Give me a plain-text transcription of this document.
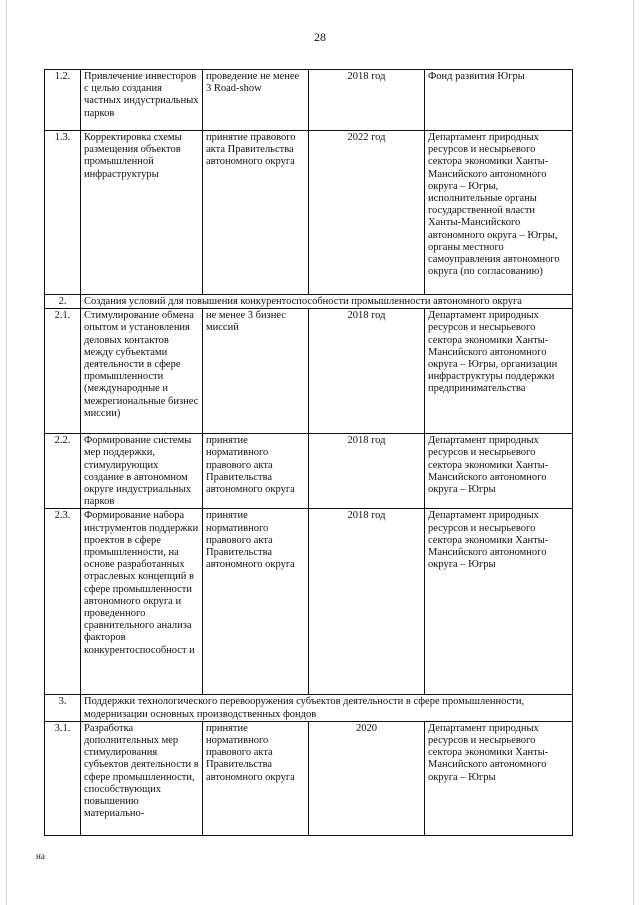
28
1.2.	Привлечение инвесторов с целью создания частных индустриальных парков	проведение не менее 3 Road-show	2018 год	Фонд развития Югры
1.3.	Корректировка схемы размещения объектов промышленной инфраструктуры	принятие правового акта Правительства автономного округа	2022 год	Департамент природных ресурсов и несырьевого сектора экономики Ханты-Мансийского автономного округа – Югры, исполнительные органы государственной власти Ханты-Мансийского автономного округа – Югры, органы местного самоуправления автономного округа (по согласованию)
2.	Создания условий для повышения конкурентоспособности промышленности автономного округа			
2.1.	Стимулирование обмена опытом и установления деловых контактов между субъектами деятельности в сфере промышленности (международные и межрегиональные бизнес миссии)	не менее 3 бизнес миссий	2018 год	Департамент природных ресурсов и несырьевого сектора экономики Ханты-Мансийского автономного округа – Югры, организации инфраструктуры поддержки предпринимательства
2.2.	Формирование системы мер поддержки, стимулирующих создание в автономном округе индустриальных парков	принятие нормативного правового акта Правительства автономного округа	2018 год	Департамент природных ресурсов и несырьевого сектора экономики Ханты-Мансийского автономного округа – Югры
2.3.	Формирование набора инструментов поддержки проектов в сфере промышленности, на основе разработанных отраслевых концепций в сфере промышленности автономного округа и проведенного сравнительного анализа факторов конкурентоспособност и	принятие нормативного правового акта Правительства автономного округа	2018 год	Департамент природных ресурсов и несырьевого сектора экономики Ханты-Мансийского автономного округа – Югры
3.	Поддержки технологического перевооружения субъектов деятельности в сфере промышленности, модернизации основных производственных фондов			
3.1.	Разработка дополнительных мер стимулирования субъектов деятельности в сфере промышленности, способствующих повышению материально-	принятие нормативного правового акта Правительства автономного округа	2020	Департамент природных ресурсов и несырьевого сектора экономики Ханты-Мансийского автономного округа – Югры
на
